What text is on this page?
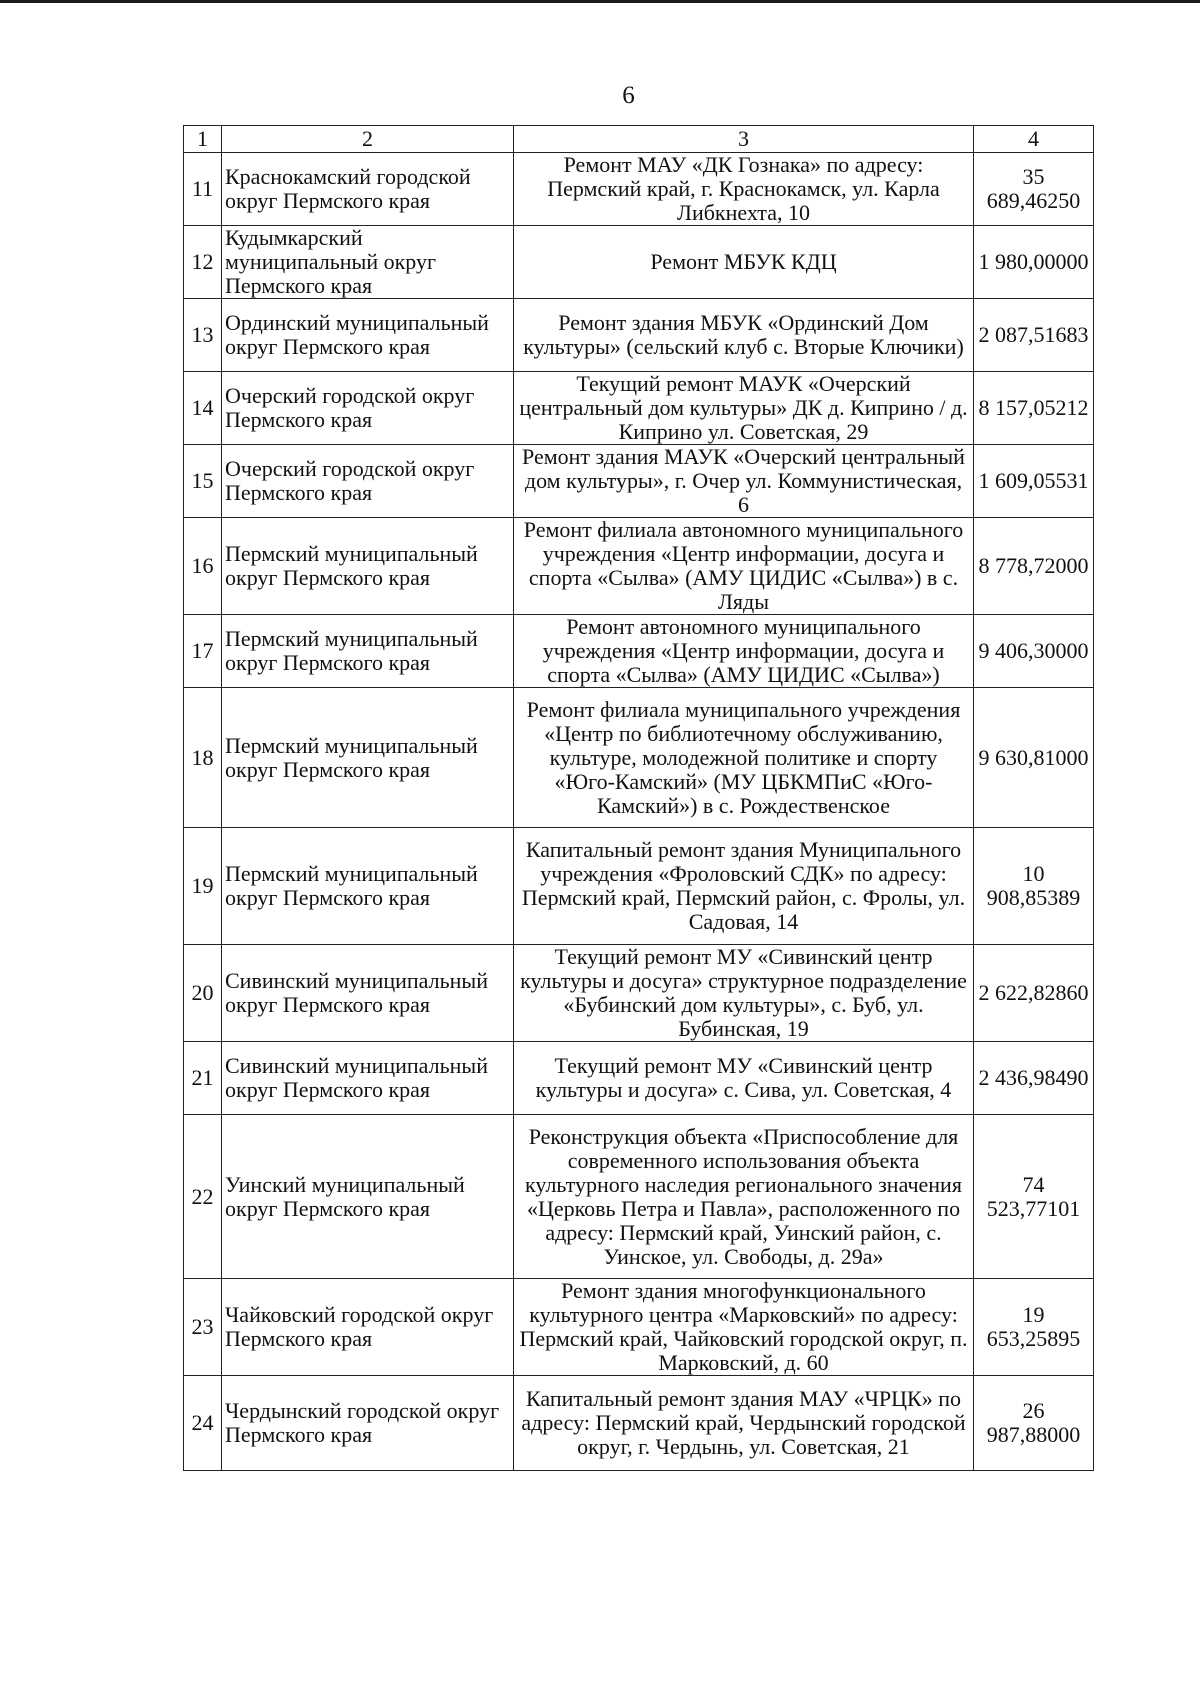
6
1	2	3	4
11	Краснокамский городской округ Пермского края	Ремонт МАУ «ДК Гознака» по адресу: Пермский край, г. Краснокамск, ул. Карла Либкнехта, 10	35 689,46250
12	Кудымкарский муниципальный округ Пермского края	Ремонт МБУК КДЦ	1 980,00000
13	Ординский муниципальный округ Пермского края	Ремонт здания МБУК «Ординский Дом культуры» (сельский клуб с. Вторые Ключики)	2 087,51683
14	Очерский городской округ Пермского края	Текущий ремонт МАУК «Очерский центральный дом культуры» ДК д. Киприно / д. Киприно ул. Советская, 29	8 157,05212
15	Очерский городской округ Пермского края	Ремонт здания МАУК «Очерский центральный дом культуры», г. Очер ул. Коммунистическая, 6	1 609,05531
16	Пермский муниципальный округ Пермского края	Ремонт филиала автономного муниципального учреждения «Центр информации, досуга и спорта «Сылва» (АМУ ЦИДИС «Сылва») в с. Ляды	8 778,72000
17	Пермский муниципальный округ Пермского края	Ремонт автономного муниципального учреждения «Центр информации, досуга и спорта «Сылва» (АМУ ЦИДИС «Сылва»)	9 406,30000
18	Пермский муниципальный округ Пермского края	Ремонт филиала муниципального учреждения «Центр по библиотечному обслуживанию, культуре, молодежной политике и спорту «Юго-Камский» (МУ ЦБКМПиС «Юго-Камский») в с. Рождественское	9 630,81000
19	Пермский муниципальный округ Пермского края	Капитальный ремонт здания Муниципального учреждения «Фроловский СДК» по адресу: Пермский край, Пермский район, с. Фролы, ул. Садовая, 14	10 908,85389
20	Сивинский муниципальный округ Пермского края	Текущий ремонт МУ «Сивинский центр культуры и досуга» структурное подразделение «Бубинский дом культуры», с. Буб, ул. Бубинская, 19	2 622,82860
21	Сивинский муниципальный округ Пермского края	Текущий ремонт МУ «Сивинский центр культуры и досуга» с. Сива, ул. Советская, 4	2 436,98490
22	Уинский муниципальный округ Пермского края	Реконструкция объекта «Приспособление для современного использования объекта культурного наследия регионального значения «Церковь Петра и Павла», расположенного по адресу: Пермский край, Уинский район, с. Уинское, ул. Свободы, д. 29а»	74 523,77101
23	Чайковский городской округ Пермского края	Ремонт здания многофункционального культурного центра «Марковский» по адресу: Пермский край, Чайковский городской округ, п. Марковский, д. 60	19 653,25895
24	Чердынский городской округ Пермского края	Капитальный ремонт здания МАУ «ЧРЦК» по адресу: Пермский край, Чердынский городской округ, г. Чердынь, ул. Советская, 21	26 987,88000
